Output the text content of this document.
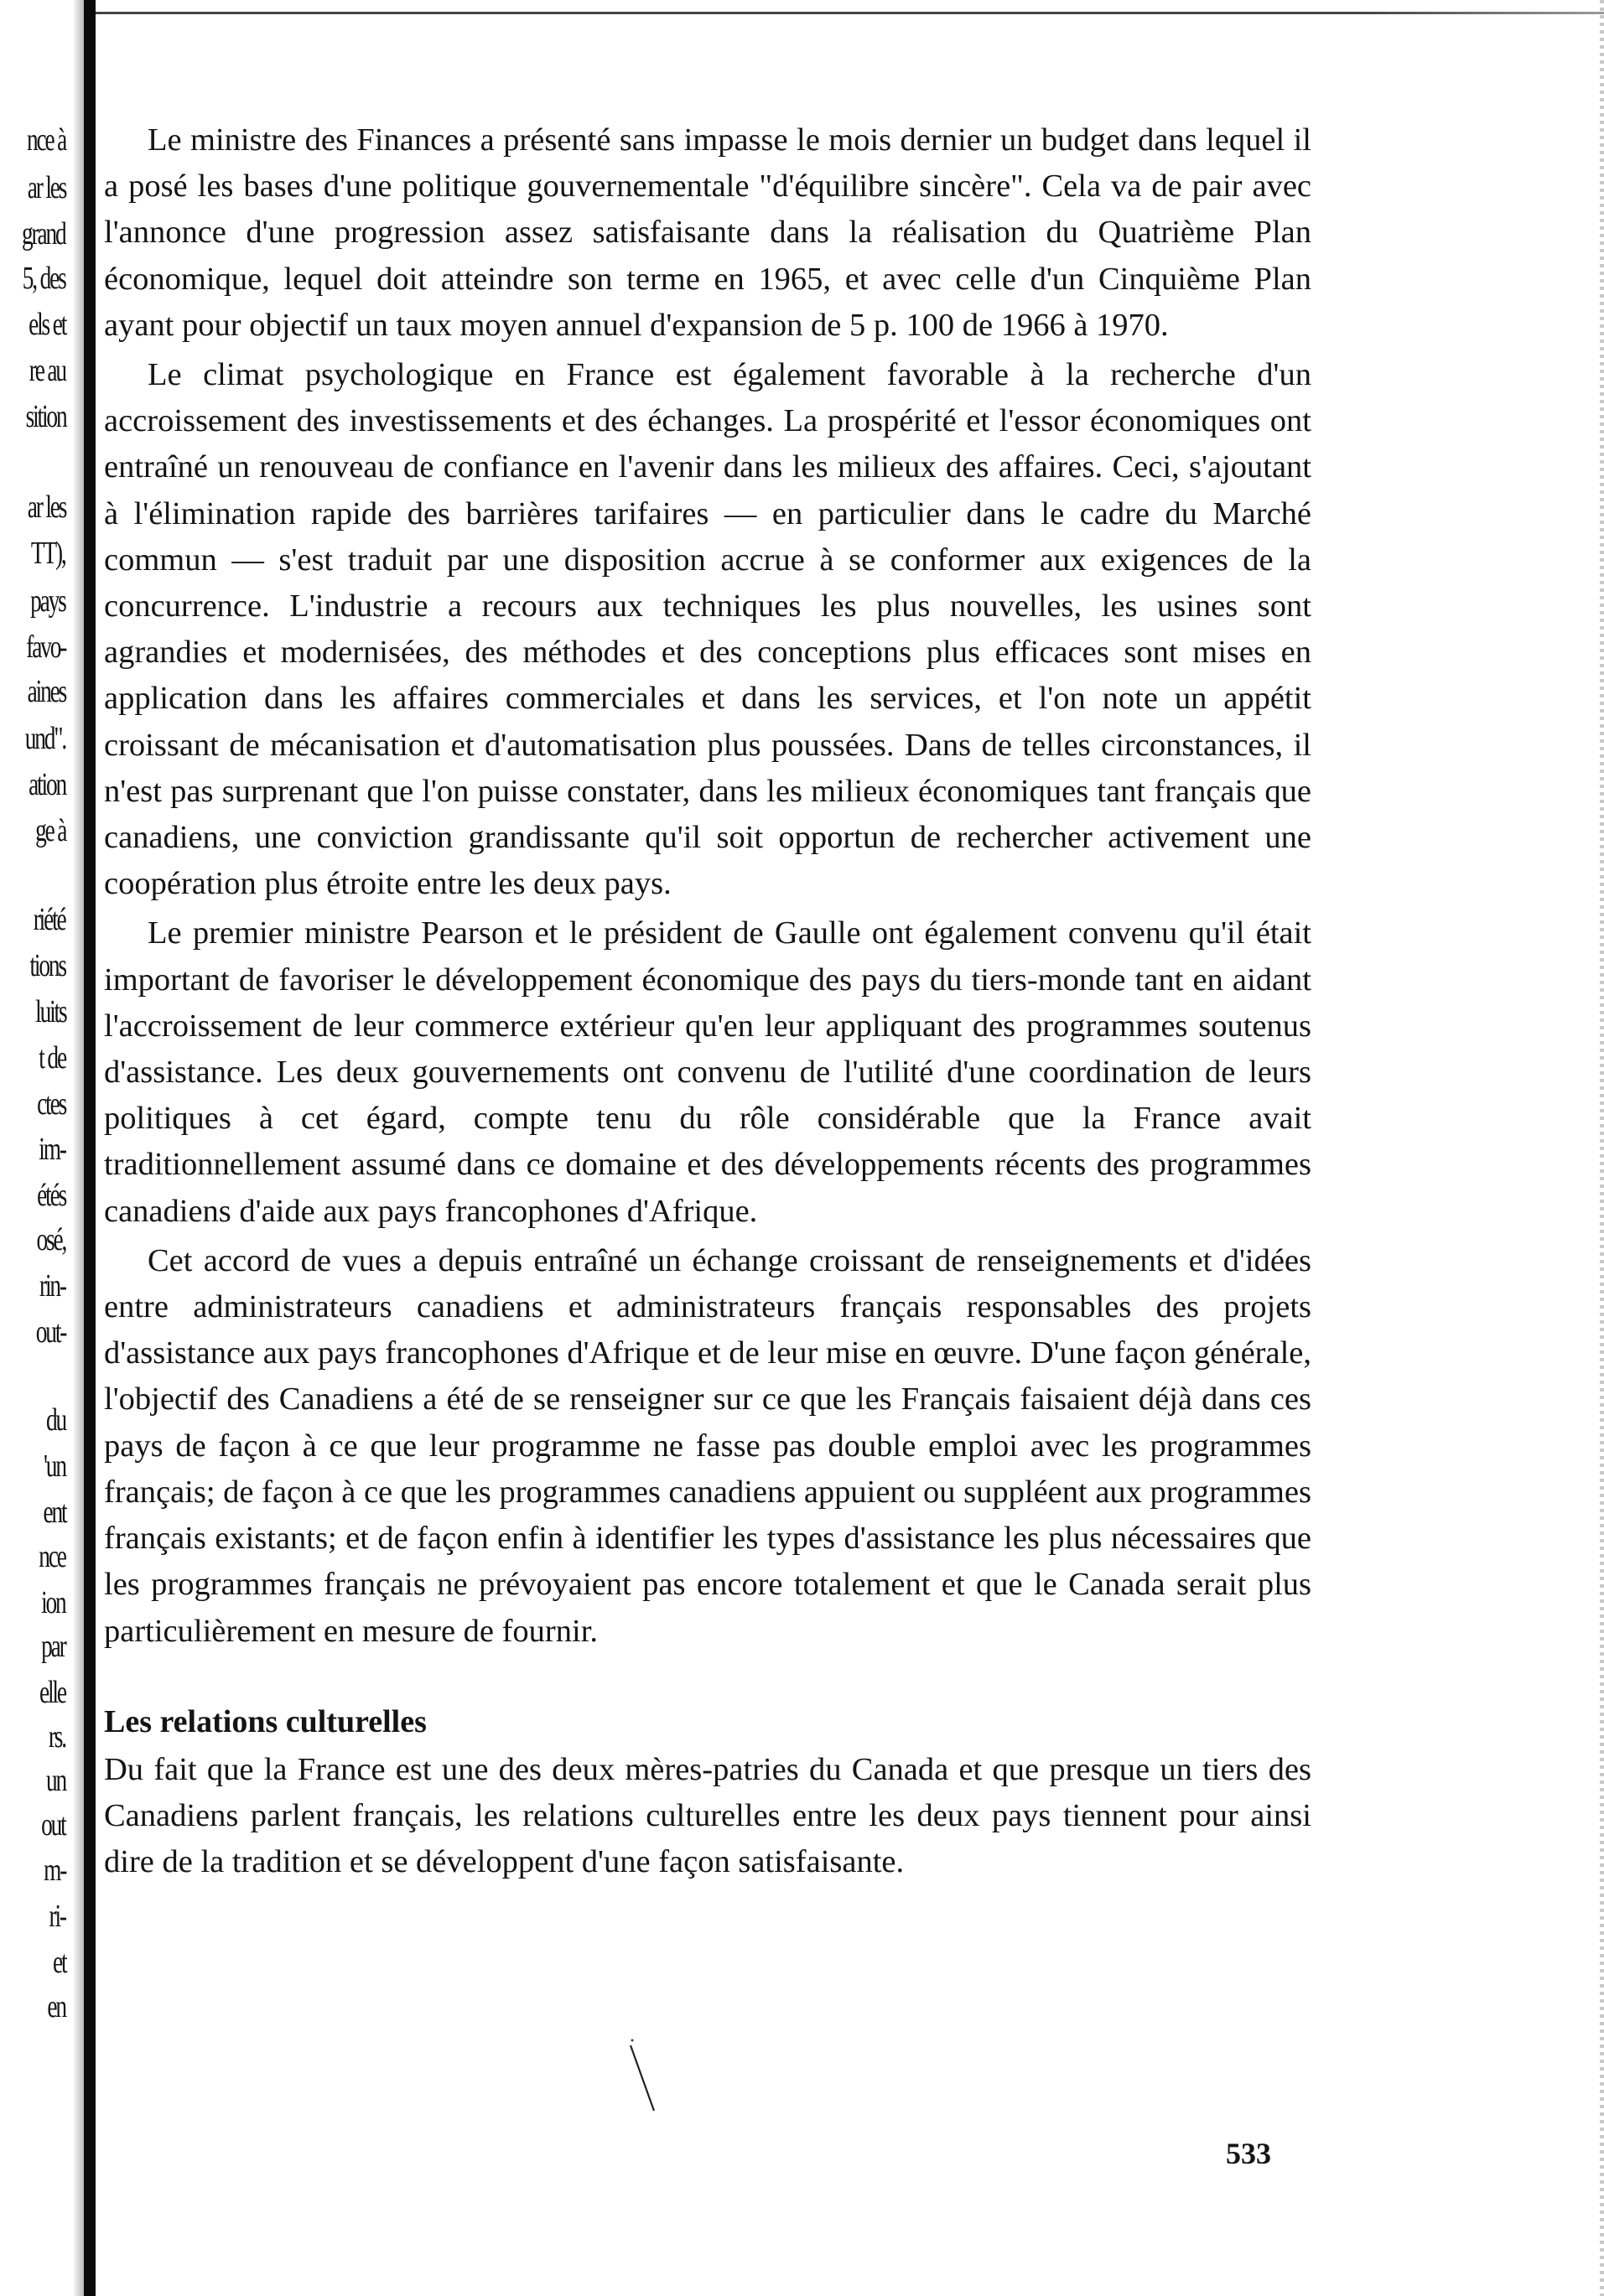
nce à
ar les
grand
5, des
els et
re au
sition
ar les
TT),
pays
favo-
aines
und".
ation
ge à
riété
tions
luits
t de
ctes
im-
étés
osé,
rin-
out-
du
'un
ent
nce
ion
par
elle
rs.
un
out
m-
ri-
et
en

Le ministre des Finances a présenté sans impasse le mois dernier un budget dans lequel il a posé les bases d'une politique gouvernementale "d'équilibre sincère". Cela va de pair avec l'annonce d'une progression assez satisfaisante dans la réalisation du Quatrième Plan économique, lequel doit atteindre son terme en 1965, et avec celle d'un Cinquième Plan ayant pour objectif un taux moyen annuel d'expansion de 5 p. 100 de 1966 à 1970.

Le climat psychologique en France est également favorable à la recherche d'un accroissement des investissements et des échanges. La prospérité et l'essor économiques ont entraîné un renouveau de confiance en l'avenir dans les milieux des affaires. Ceci, s'ajoutant à l'élimination rapide des barrières tarifaires — en particulier dans le cadre du Marché commun — s'est traduit par une disposition accrue à se conformer aux exigences de la concurrence. L'industrie a recours aux techniques les plus nouvelles, les usines sont agrandies et modernisées, des méthodes et des conceptions plus efficaces sont mises en application dans les affaires commerciales et dans les services, et l'on note un appétit croissant de mécanisation et d'automatisation plus poussées. Dans de telles circonstances, il n'est pas surprenant que l'on puisse constater, dans les milieux économiques tant français que canadiens, une conviction grandissante qu'il soit opportun de rechercher activement une coopération plus étroite entre les deux pays.

Le premier ministre Pearson et le président de Gaulle ont également convenu qu'il était important de favoriser le développement économique des pays du tiers-monde tant en aidant l'accroissement de leur commerce extérieur qu'en leur appliquant des programmes soutenus d'assistance. Les deux gouvernements ont convenu de l'utilité d'une coordination de leurs politiques à cet égard, compte tenu du rôle considérable que la France avait traditionnellement assumé dans ce domaine et des développements récents des programmes canadiens d'aide aux pays francophones d'Afrique.

Cet accord de vues a depuis entraîné un échange croissant de renseignements et d'idées entre administrateurs canadiens et administrateurs français responsables des projets d'assistance aux pays francophones d'Afrique et de leur mise en œuvre. D'une façon générale, l'objectif des Canadiens a été de se renseigner sur ce que les Français faisaient déjà dans ces pays de façon à ce que leur programme ne fasse pas double emploi avec les programmes français; de façon à ce que les programmes canadiens appuient ou suppléent aux programmes français existants; et de façon enfin à identifier les types d'assistance les plus nécessaires que les programmes français ne prévoyaient pas encore totalement et que le Canada serait plus particulièrement en mesure de fournir.

Les relations culturelles

Du fait que la France est une des deux mères-patries du Canada et que presque un tiers des Canadiens parlent français, les relations culturelles entre les deux pays tiennent pour ainsi dire de la tradition et se développent d'une façon satisfaisante.

533
